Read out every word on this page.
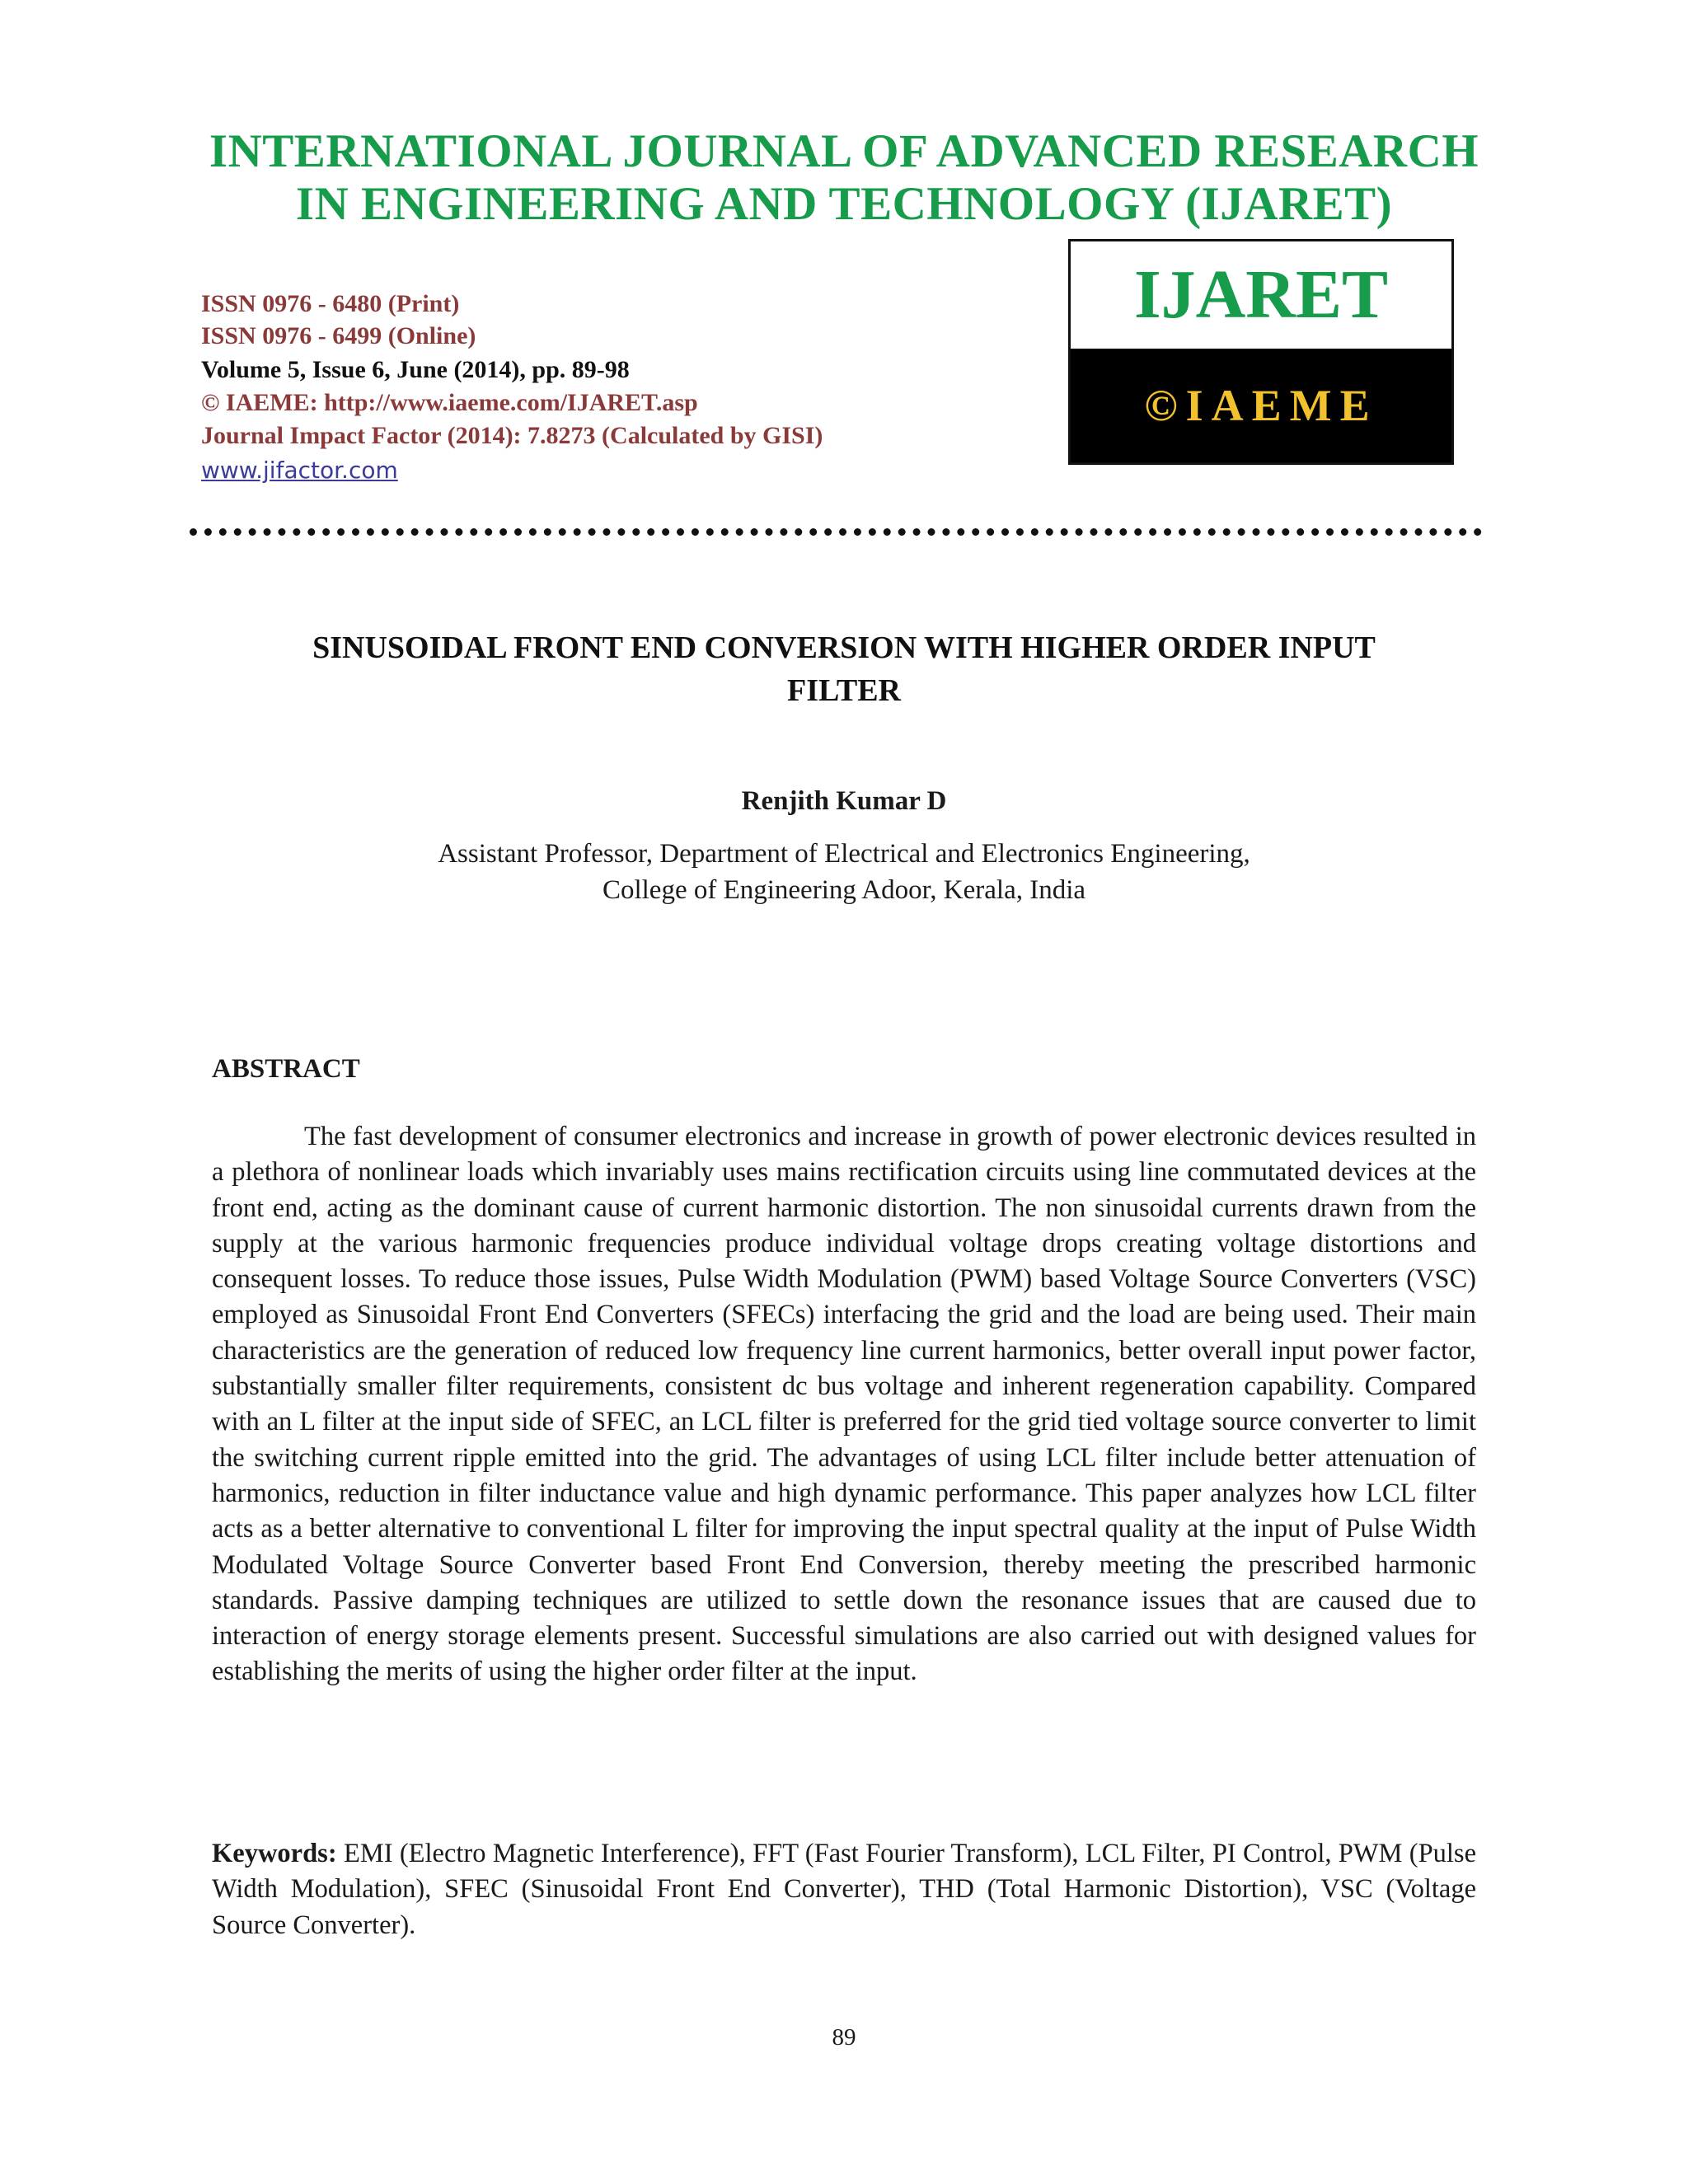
INTERNATIONAL JOURNAL OF ADVANCED RESEARCH
IN ENGINEERING AND TECHNOLOGY (IJARET)

ISSN 0976 - 6480 (Print)

ISSN 0976 - 6499 (Online)

Volume 5, Issue 6, June (2014), pp. 89-98

© IAEME: http://www.iaeme.com/IJARET.asp

Journal Impact Factor (2014): 7.8273 (Calculated by GISI)

www.jifactor.com

IJARET
©IAEME
SINUSOIDAL FRONT END CONVERSION WITH HIGHER ORDER INPUT
FILTER

Renjith Kumar D

Assistant Professor, Department of Electrical and Electronics Engineering,

College of Engineering Adoor, Kerala, India

ABSTRACT

The fast development of consumer electronics and increase in growth of power electronic devices resulted in a plethora of nonlinear loads which invariably uses mains rectification circuits using line commutated devices at the front end, acting as the dominant cause of current harmonic distortion. The non sinusoidal currents drawn from the supply at the various harmonic frequencies produce individual voltage drops creating voltage distortions and consequent losses. To reduce those issues, Pulse Width Modulation (PWM) based Voltage Source Converters (VSC) employed as Sinusoidal Front End Converters (SFECs) interfacing the grid and the load are being used. Their main characteristics are the generation of reduced low frequency line current harmonics, better overall input power factor, substantially smaller filter requirements, consistent dc bus voltage and inherent regeneration capability. Compared with an L filter at the input side of SFEC, an LCL filter is preferred for the grid tied voltage source converter to limit the switching current ripple emitted into the grid. The advantages of using LCL filter include better attenuation of harmonics, reduction in filter inductance value and high dynamic performance. This paper analyzes how LCL filter acts as a better alternative to conventional L filter for improving the input spectral quality at the input of Pulse Width Modulated Voltage Source Converter based Front End Conversion, thereby meeting the prescribed harmonic standards. Passive damping techniques are utilized to settle down the resonance issues that are caused due to interaction of energy storage elements present. Successful simulations are also carried out with designed values for establishing the merits of using the higher order filter at the input.

Keywords: EMI (Electro Magnetic Interference), FFT (Fast Fourier Transform), LCL Filter, PI Control, PWM (Pulse Width Modulation), SFEC (Sinusoidal Front End Converter), THD (Total Harmonic Distortion), VSC (Voltage Source Converter).

89
